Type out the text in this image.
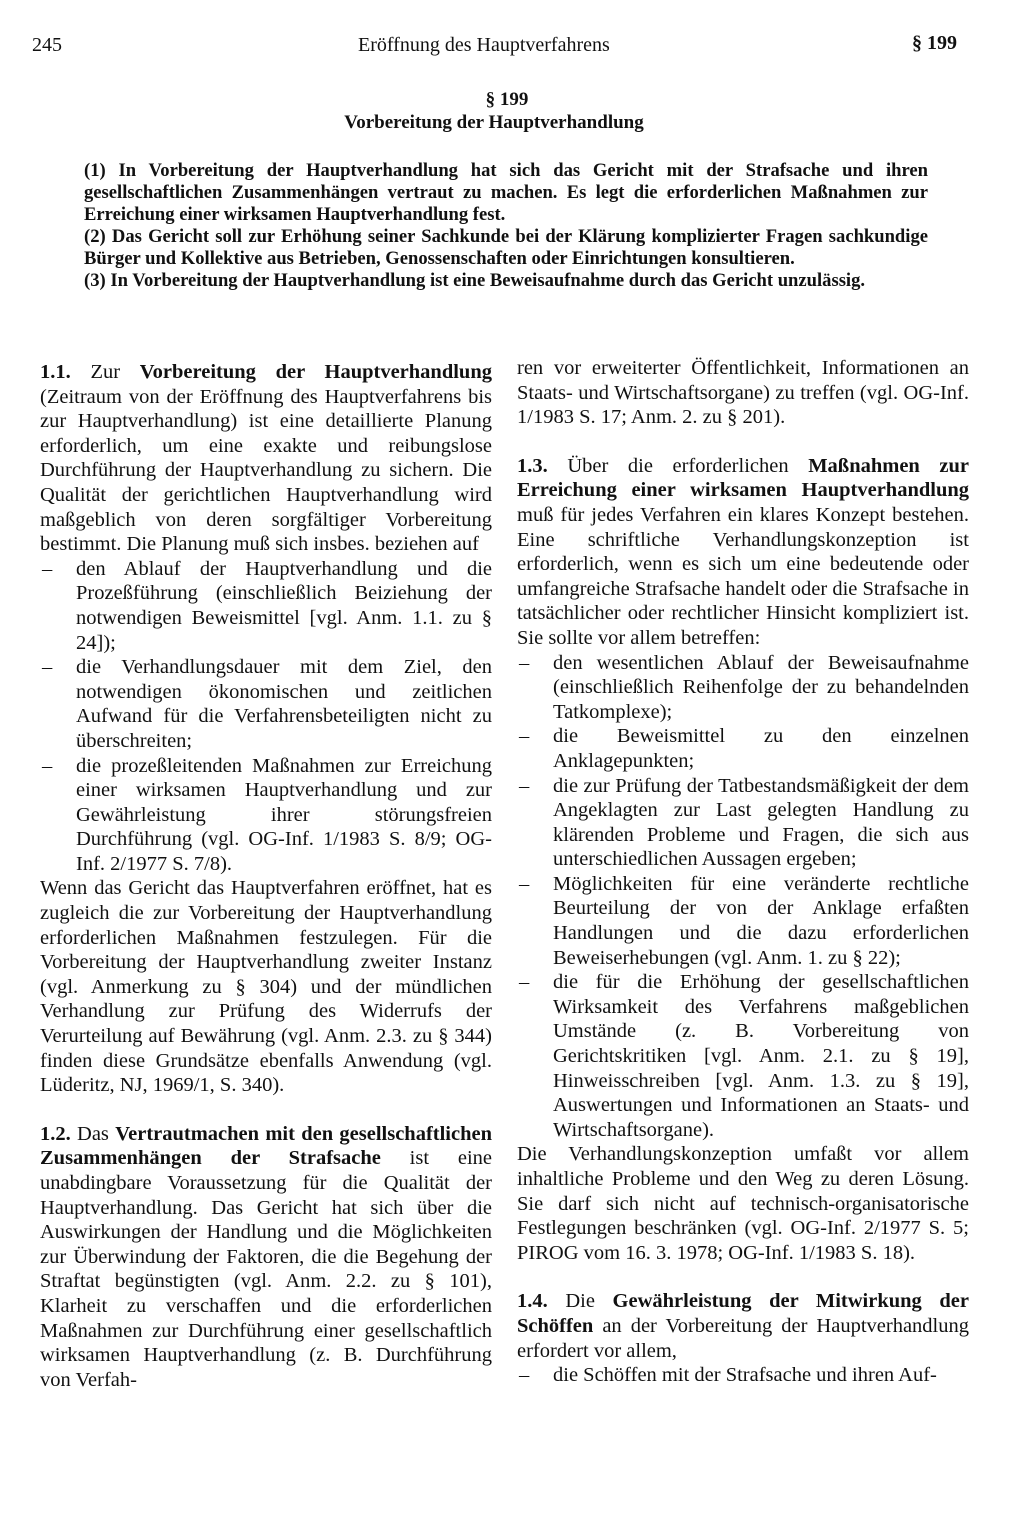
245	Eröffnung des Hauptverfahrens	§ 199
§ 199
Vorbereitung der Hauptverhandlung
(1) In Vorbereitung der Hauptverhandlung hat sich das Gericht mit der Strafsache und ihren gesellschaftlichen Zusammenhängen vertraut zu machen. Es legt die erforderlichen Maßnahmen zur Erreichung einer wirksamen Hauptverhandlung fest.
(2) Das Gericht soll zur Erhöhung seiner Sachkunde bei der Klärung komplizierter Fragen sachkundige Bürger und Kollektive aus Betrieben, Genossenschaften oder Einrichtungen konsultieren.
(3) In Vorbereitung der Hauptverhandlung ist eine Beweisaufnahme durch das Gericht unzulässig.

1.1. Zur Vorbereitung der Hauptverhandlung (Zeitraum von der Eröffnung des Hauptverfahrens bis zur Hauptverhandlung) ist eine detaillierte Planung erforderlich, um eine exakte und reibungslose Durchführung der Hauptverhandlung zu sichern. Die Qualität der gerichtlichen Hauptverhandlung wird maßgeblich von deren sorgfältiger Vorbereitung bestimmt. Die Planung muß sich insbes. beziehen auf

– den Ablauf der Hauptverhandlung und die Prozeßführung (einschließlich Beiziehung der notwendigen Beweismittel [vgl. Anm. 1.1. zu § 24]);
– die Verhandlungsdauer mit dem Ziel, den notwendigen ökonomischen und zeitlichen Aufwand für die Verfahrensbeteiligten nicht zu überschreiten;
– die prozeßleitenden Maßnahmen zur Erreichung einer wirksamen Hauptverhandlung und zur Gewährleistung ihrer störungsfreien Durchführung (vgl. OG-Inf. 1/1983 S. 8/9; OG-Inf. 2/1977 S. 7/8).

Wenn das Gericht das Hauptverfahren eröffnet, hat es zugleich die zur Vorbereitung der Hauptverhandlung erforderlichen Maßnahmen festzulegen. Für die Vorbereitung der Hauptverhandlung zweiter Instanz (vgl. Anmerkung zu § 304) und der mündlichen Verhandlung zur Prüfung des Widerrufs der Verurteilung auf Bewährung (vgl. Anm. 2.3. zu § 344) finden diese Grundsätze ebenfalls Anwendung (vgl. Lüderitz, NJ, 1969/1, S. 340).

1.2. Das Vertrautmachen mit den gesellschaftlichen Zusammenhängen der Strafsache ist eine unabdingbare Voraussetzung für die Qualität der Hauptverhandlung. Das Gericht hat sich über die Auswirkungen der Handlung und die Möglichkeiten zur Überwindung der Faktoren, die die Begehung der Straftat begünstigten (vgl. Anm. 2.2. zu § 101), Klarheit zu verschaffen und die erforderlichen Maßnahmen zur Durchführung einer gesellschaftlich wirksamen Hauptverhandlung (z. B. Durchführung von Verfah-

ren vor erweiterter Öffentlichkeit, Informationen an Staats- und Wirtschaftsorgane) zu treffen (vgl. OG-Inf. 1/1983 S. 17; Anm. 2. zu § 201).

1.3. Über die erforderlichen Maßnahmen zur Erreichung einer wirksamen Hauptverhandlung muß für jedes Verfahren ein klares Konzept bestehen. Eine schriftliche Verhandlungskonzeption ist erforderlich, wenn es sich um eine bedeutende oder umfangreiche Strafsache handelt oder die Strafsache in tatsächlicher oder rechtlicher Hinsicht kompliziert ist. Sie sollte vor allem betreffen:

– den wesentlichen Ablauf der Beweisaufnahme (einschließlich Reihenfolge der zu behandelnden Tatkomplexe);
– die Beweismittel zu den einzelnen Anklagepunkten;
– die zur Prüfung der Tatbestandsmäßigkeit der dem Angeklagten zur Last gelegten Handlung zu klärenden Probleme und Fragen, die sich aus unterschiedlichen Aussagen ergeben;
– Möglichkeiten für eine veränderte rechtliche Beurteilung der von der Anklage erfaßten Handlungen und die dazu erforderlichen Beweiserhebungen (vgl. Anm. 1. zu § 22);
– die für die Erhöhung der gesellschaftlichen Wirksamkeit des Verfahrens maßgeblichen Umstände (z. B. Vorbereitung von Gerichtskritiken [vgl. Anm. 2.1. zu § 19], Hinweisschreiben [vgl. Anm. 1.3. zu § 19], Auswertungen und Informationen an Staats- und Wirtschaftsorgane).

Die Verhandlungskonzeption umfaßt vor allem inhaltliche Probleme und den Weg zu deren Lösung. Sie darf sich nicht auf technisch-organisatorische Festlegungen beschränken (vgl. OG-Inf. 2/1977 S. 5; PIROG vom 16. 3. 1978; OG-Inf. 1/1983 S. 18).

1.4. Die Gewährleistung der Mitwirkung der Schöffen an der Vorbereitung der Hauptverhandlung erfordert vor allem,

– die Schöffen mit der Strafsache und ihren Auf-
